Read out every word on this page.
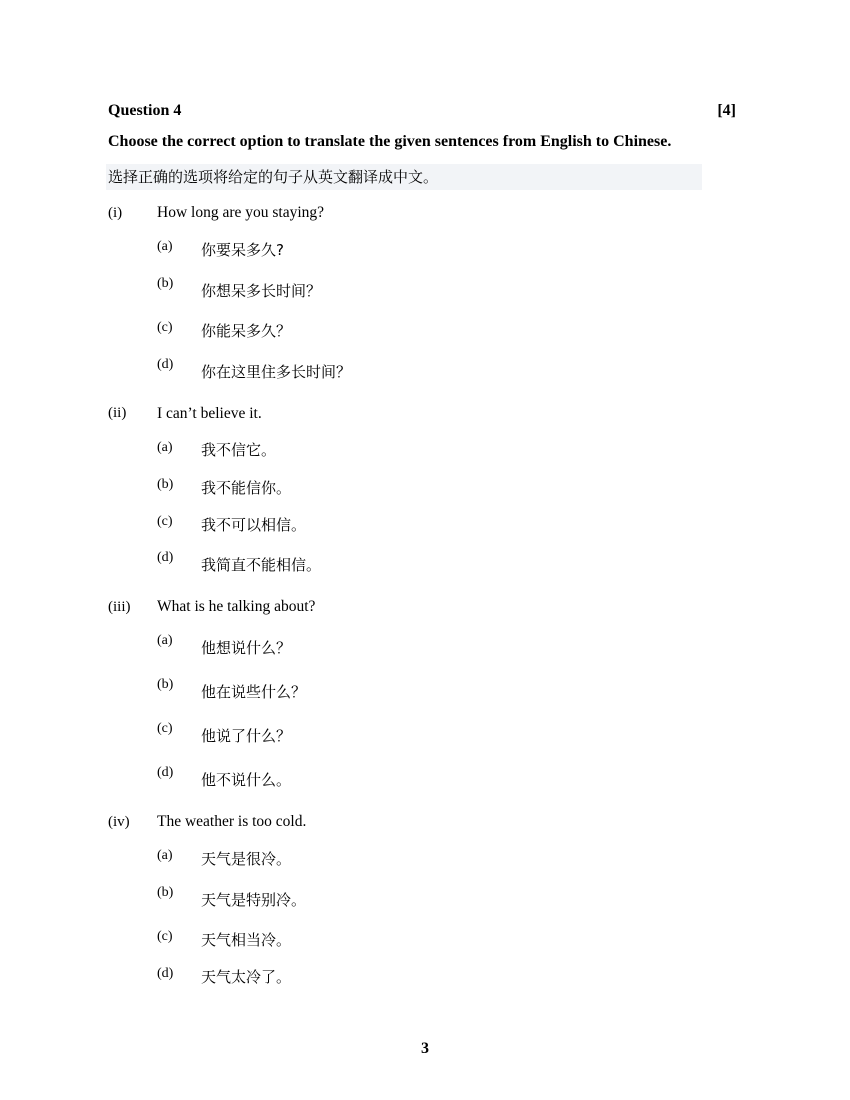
Question 4	[4]
Choose the correct option to translate the given sentences from English to Chinese.
选择正确的选项将给定的句子从英文翻译成中文。
(i) How long are you staying?
(a) 你要呆多久?
(b) 你想呆多长时间？
(c) 你能呆多久？
(d) 你在这里住多长时间？
(ii) I can’t believe it.
(a) 我不信它。
(b) 我不能信你。
(c) 我不可以相信。
(d) 我简直不能相信。
(iii) What is he talking about?
(a) 他想说什么？
(b) 他在说些什么？
(c) 他说了什么？
(d) 他不说什么。
(iv) The weather is too cold.
(a) 天气是很冷。
(b) 天气是特别冷。
(c) 天气相当冷。
(d) 天气太冷了。
3
